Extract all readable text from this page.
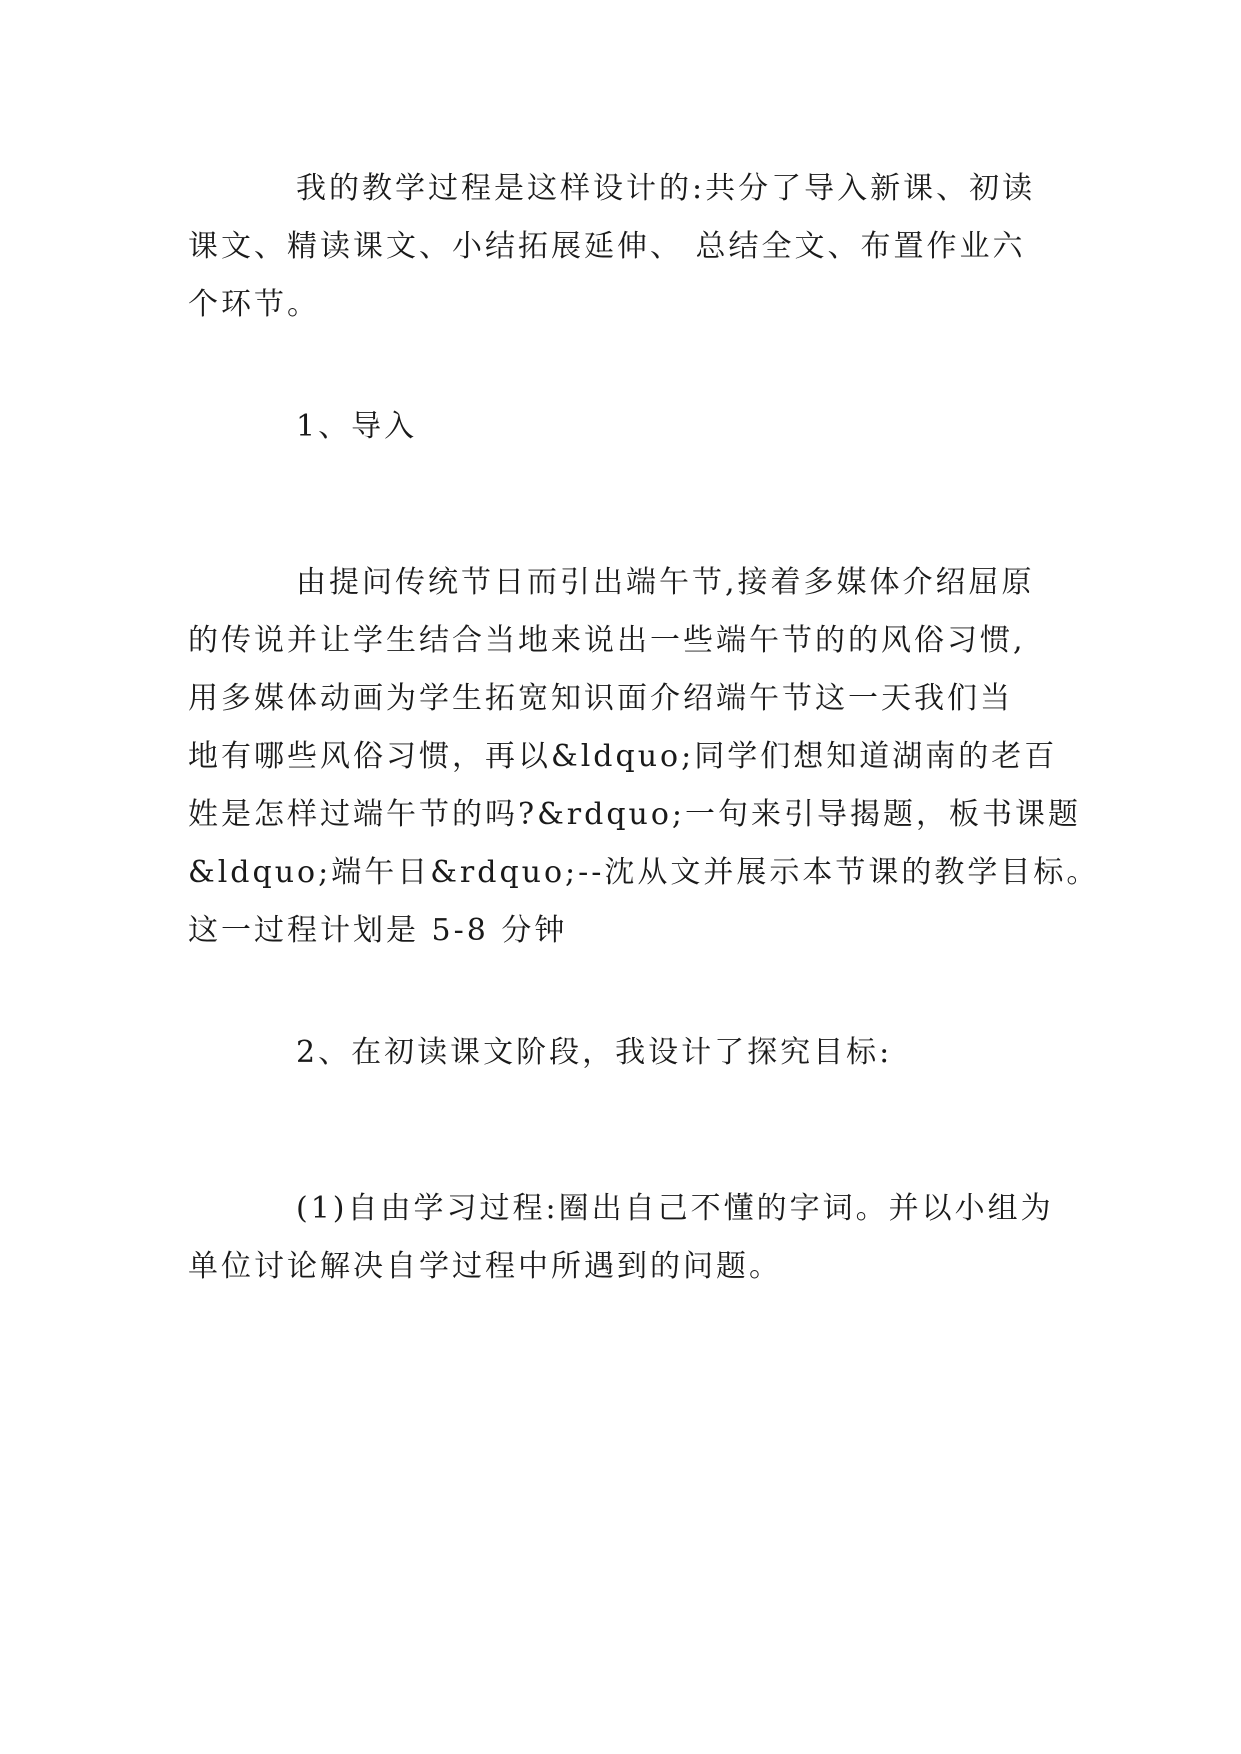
我的教学过程是这样设计的:共分了导入新课、初读
课文、精读课文、小结拓展延伸、 总结全文、布置作业六
个环节。
1、导入
由提问传统节日而引出端午节,接着多媒体介绍屈原
的传说并让学生结合当地来说出一些端午节的的风俗习惯,
用多媒体动画为学生拓宽知识面介绍端午节这一天我们当
地有哪些风俗习惯，再以&ldquo;同学们想知道湖南的老百
姓是怎样过端午节的吗?&rdquo;一句来引导揭题，板书课题
&ldquo;端午日&rdquo;--沈从文并展示本节课的教学目标。
这一过程计划是 5-8 分钟
2、在初读课文阶段，我设计了探究目标:
(1)自由学习过程:圈出自己不懂的字词。并以小组为
单位讨论解决自学过程中所遇到的问题。
